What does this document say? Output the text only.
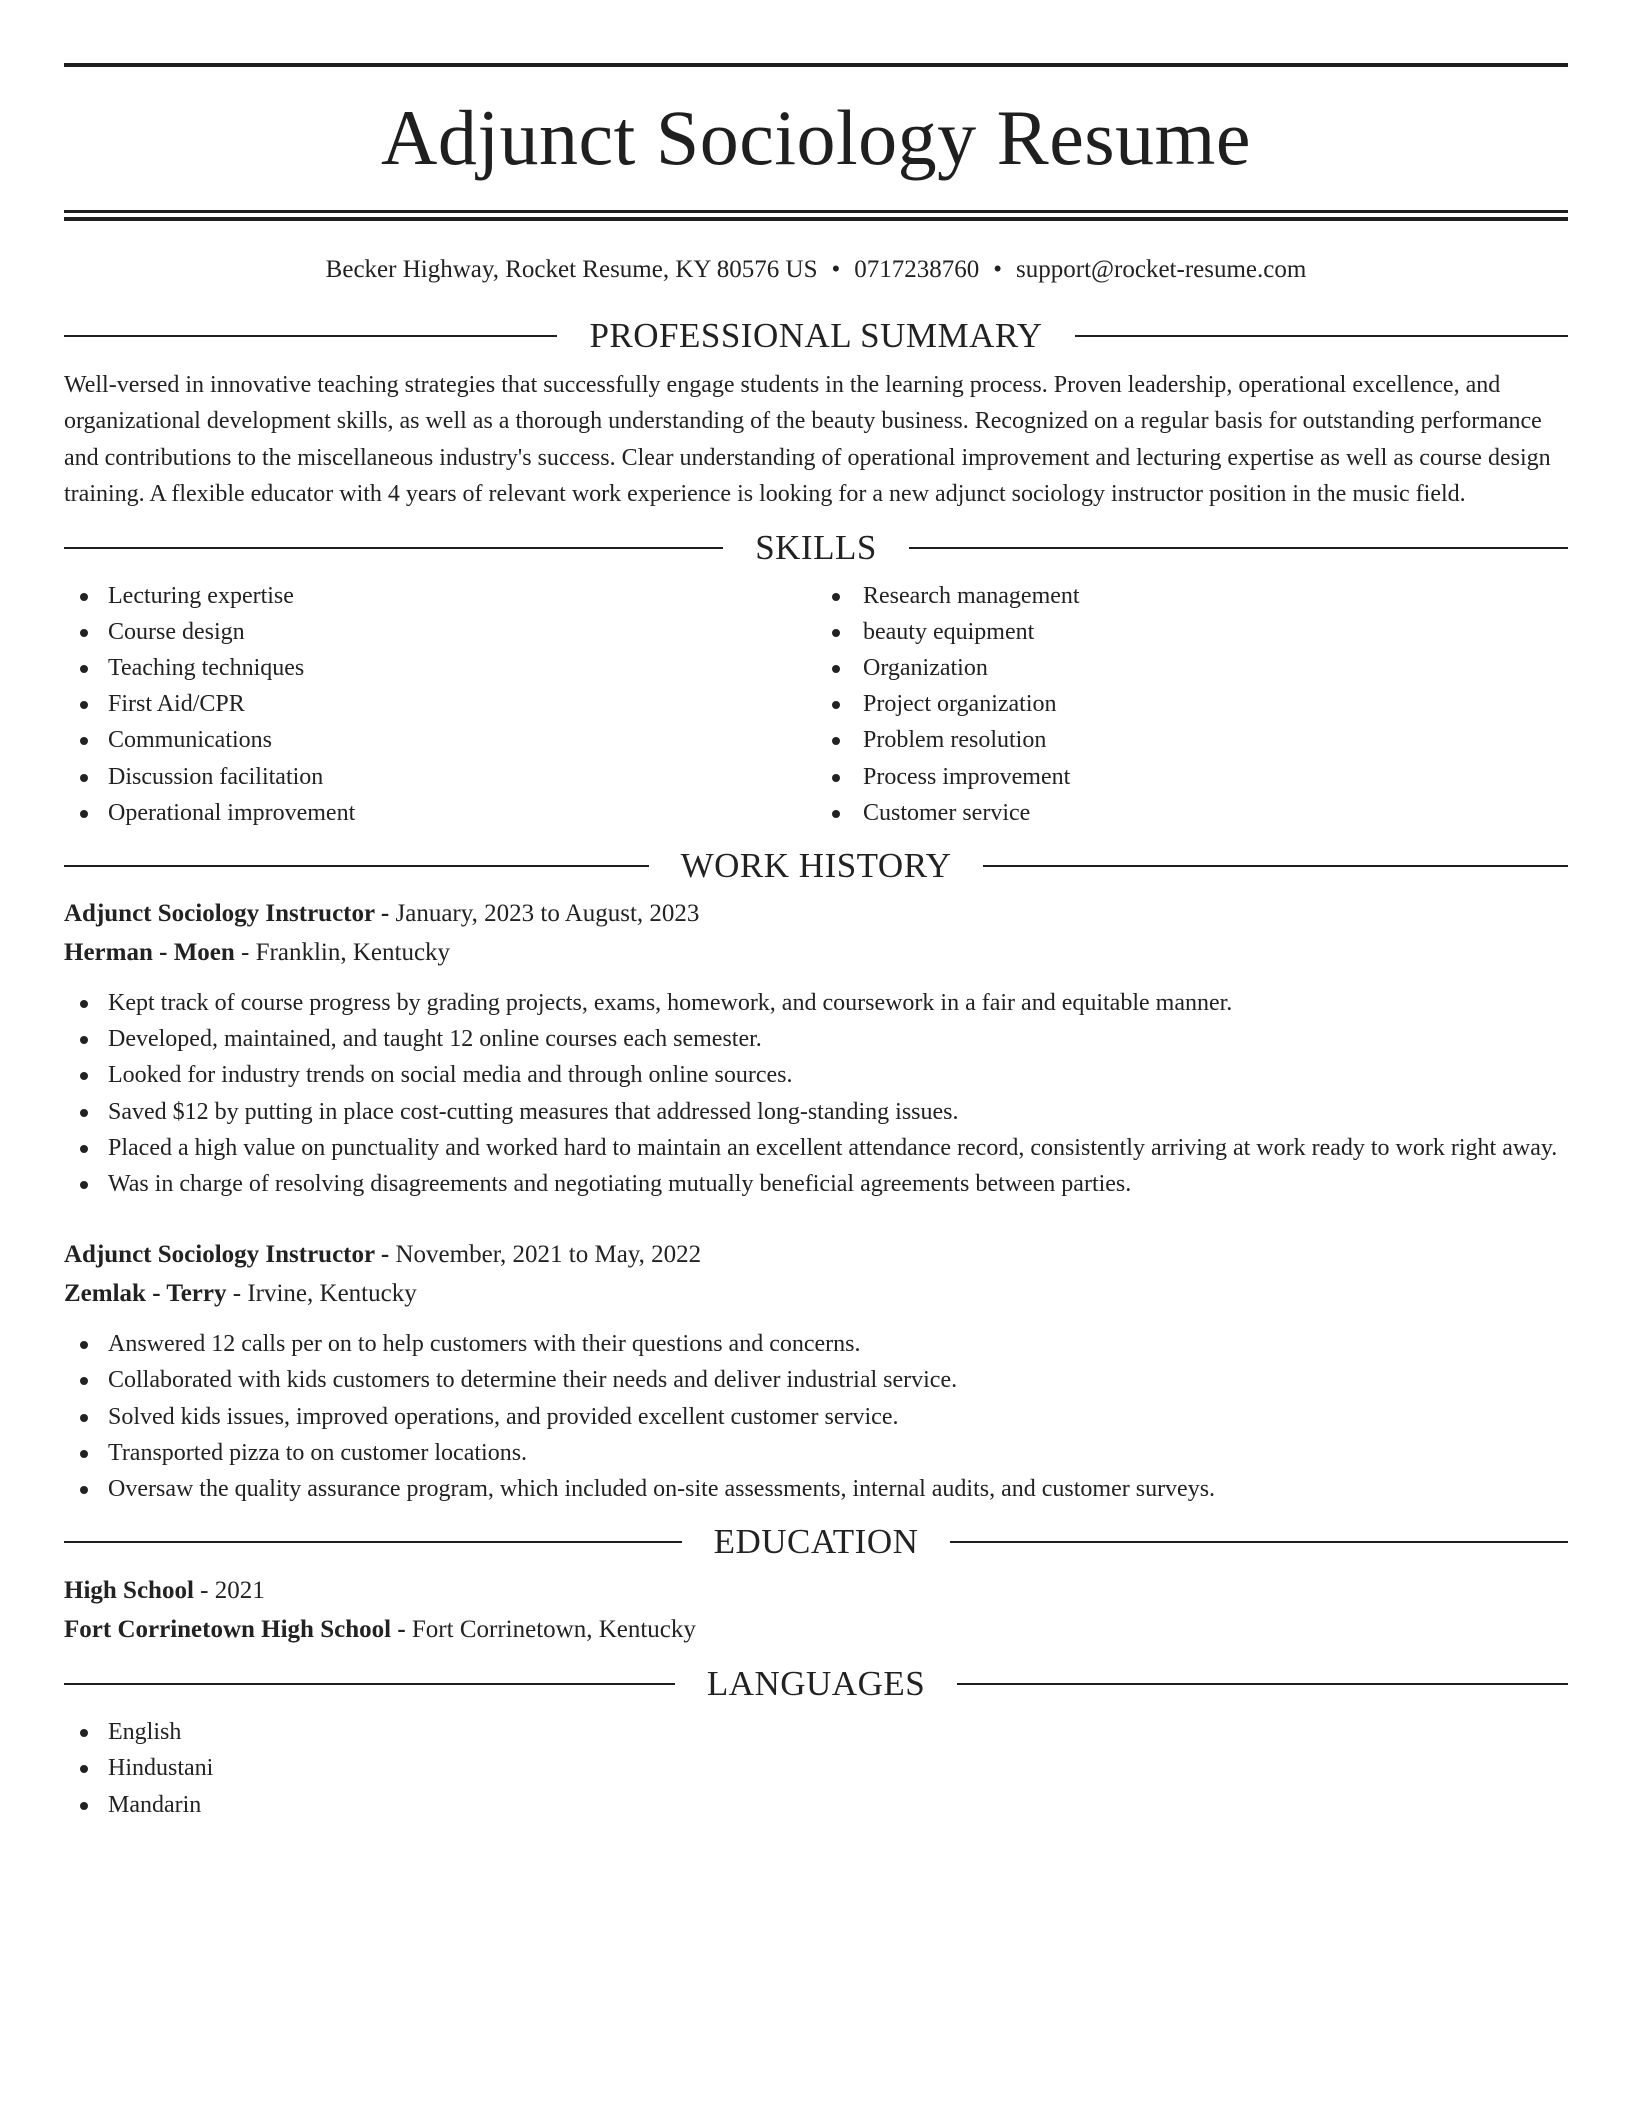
Adjunct Sociology Resume
Becker Highway, Rocket Resume, KY 80576 US • 0717238760 • support@rocket-resume.com
PROFESSIONAL SUMMARY

Well-versed in innovative teaching strategies that successfully engage students in the learning process. Proven leadership, operational excellence, and organizational development skills, as well as a thorough understanding of the beauty business. Recognized on a regular basis for outstanding performance and contributions to the miscellaneous industry's success. Clear understanding of operational improvement and lecturing expertise as well as course design training. A flexible educator with 4 years of relevant work experience is looking for a new adjunct sociology instructor position in the music field.

SKILLS
Lecturing expertise
Course design
Teaching techniques
First Aid/CPR
Communications
Discussion facilitation
Operational improvement
Research management
beauty equipment
Organization
Project organization
Problem resolution
Process improvement
Customer service
WORK HISTORY
Adjunct Sociology Instructor - January, 2023 to August, 2023
Herman - Moen - Franklin, Kentucky
Kept track of course progress by grading projects, exams, homework, and coursework in a fair and equitable manner.
Developed, maintained, and taught 12 online courses each semester.
Looked for industry trends on social media and through online sources.
Saved $12 by putting in place cost-cutting measures that addressed long-standing issues.
Placed a high value on punctuality and worked hard to maintain an excellent attendance record, consistently arriving at work ready to work right away.
Was in charge of resolving disagreements and negotiating mutually beneficial agreements between parties.
Adjunct Sociology Instructor - November, 2021 to May, 2022
Zemlak - Terry - Irvine, Kentucky
Answered 12 calls per on to help customers with their questions and concerns.
Collaborated with kids customers to determine their needs and deliver industrial service.
Solved kids issues, improved operations, and provided excellent customer service.
Transported pizza to on customer locations.
Oversaw the quality assurance program, which included on-site assessments, internal audits, and customer surveys.
EDUCATION
High School - 2021
Fort Corrinetown High School - Fort Corrinetown, Kentucky
LANGUAGES
English
Hindustani
Mandarin
